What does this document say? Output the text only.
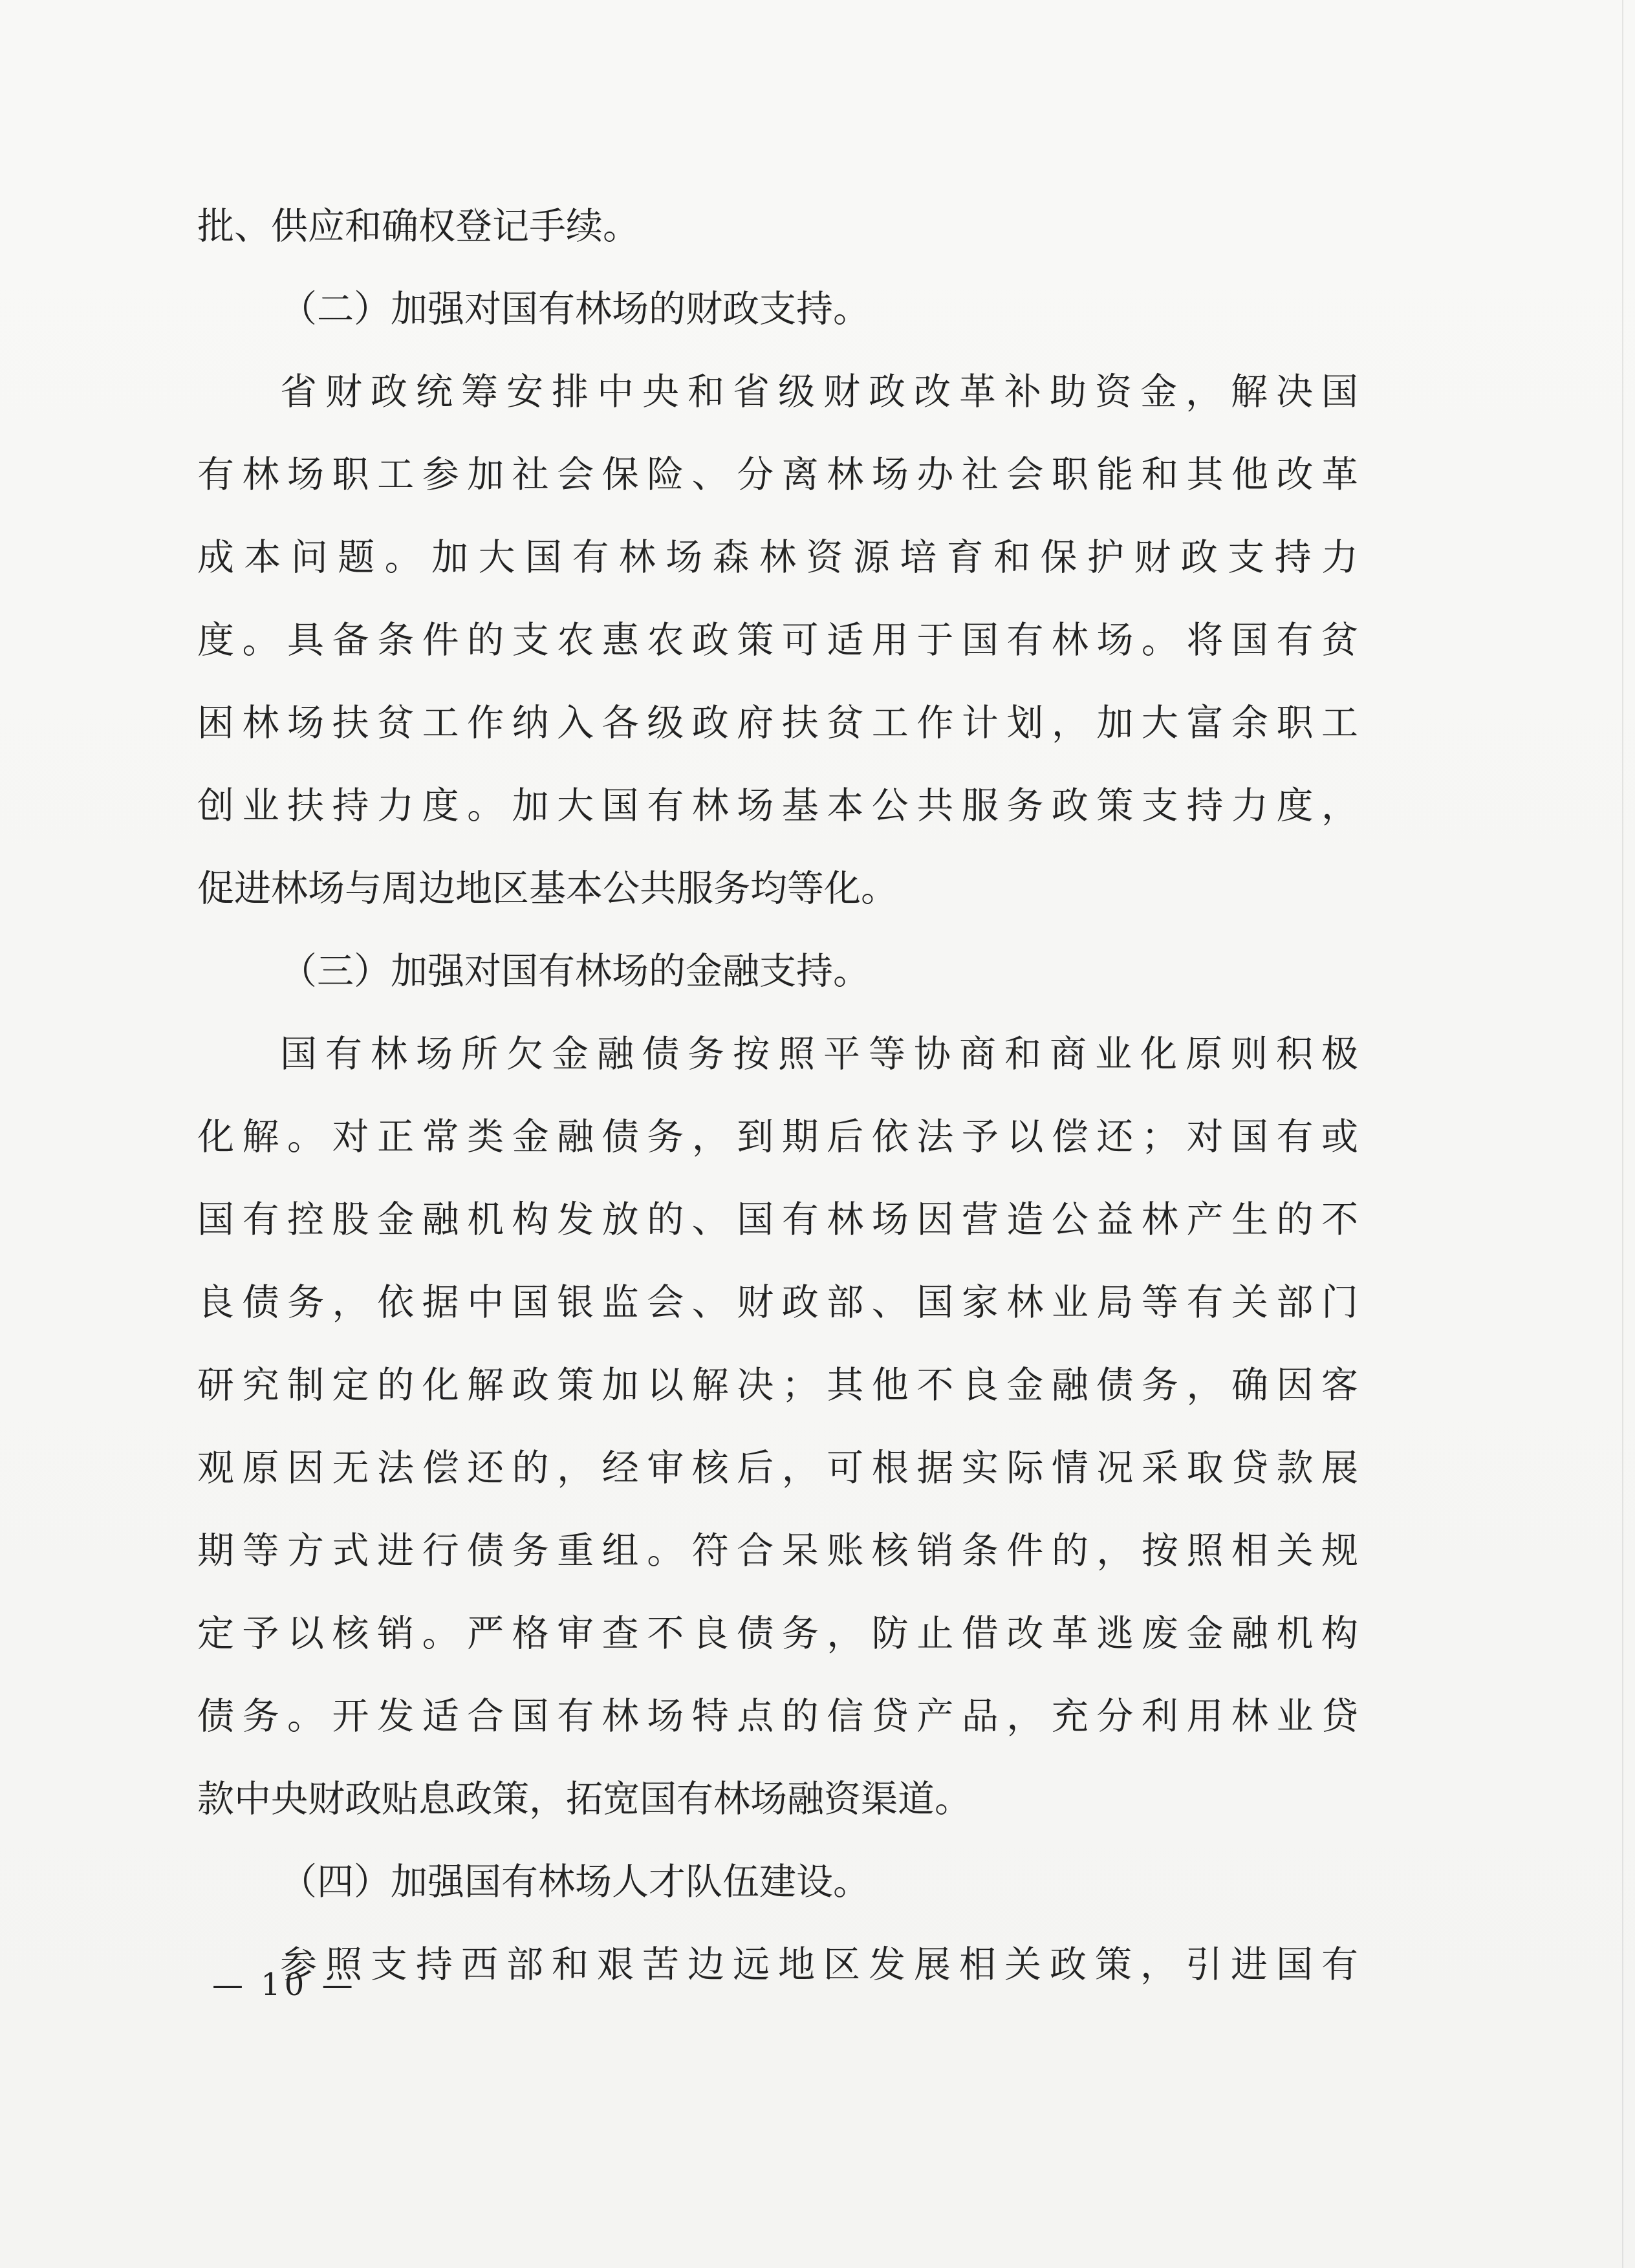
批、供应和确权登记手续。
（二）加强对国有林场的财政支持。
省财政统筹安排中央和省级财政改革补助资金，解决国
有林场职工参加社会保险、分离林场办社会职能和其他改革
成本问题。加大国有林场森林资源培育和保护财政支持力
度。具备条件的支农惠农政策可适用于国有林场。将国有贫
困林场扶贫工作纳入各级政府扶贫工作计划，加大富余职工
创业扶持力度。加大国有林场基本公共服务政策支持力度，
促进林场与周边地区基本公共服务均等化。
（三）加强对国有林场的金融支持。
国有林场所欠金融债务按照平等协商和商业化原则积极
化解。对正常类金融债务，到期后依法予以偿还；对国有或
国有控股金融机构发放的、国有林场因营造公益林产生的不
良债务，依据中国银监会、财政部、国家林业局等有关部门
研究制定的化解政策加以解决；其他不良金融债务，确因客
观原因无法偿还的，经审核后，可根据实际情况采取贷款展
期等方式进行债务重组。符合呆账核销条件的，按照相关规
定予以核销。严格审查不良债务，防止借改革逃废金融机构
债务。开发适合国有林场特点的信贷产品，充分利用林业贷
款中央财政贴息政策，拓宽国有林场融资渠道。
（四）加强国有林场人才队伍建设。
参照支持西部和艰苦边远地区发展相关政策，引进国有
— 10 —
